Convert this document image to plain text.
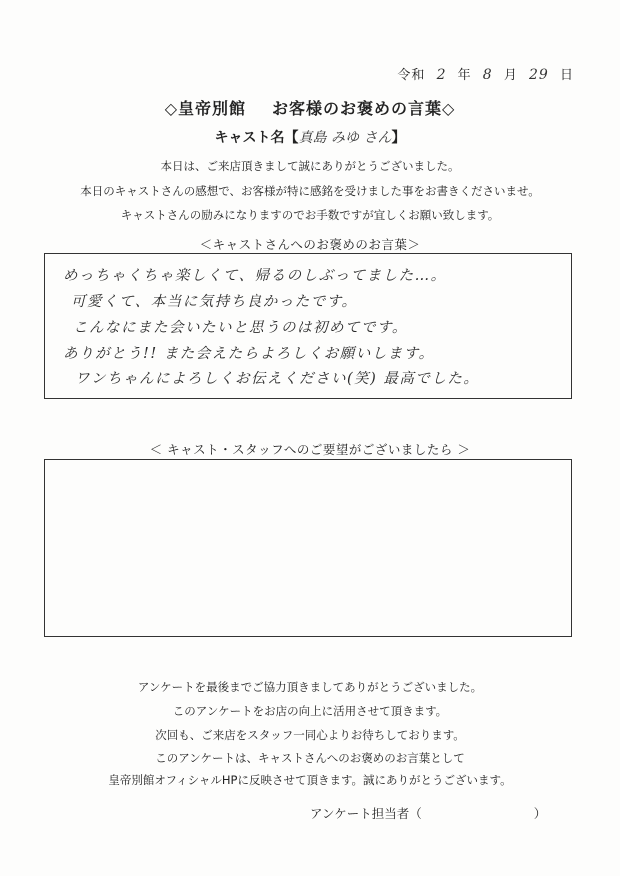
令和 2 年 8 月 29 日
◇皇帝別館 お客様のお褒めの言葉◇
キャスト名【真島 みゆ さん】
本日は、ご来店頂きまして誠にありがとうございました。
本日のキャストさんの感想で、お客様が特に感銘を受けました事をお書きくださいませ。
キャストさんの励みになりますのでお手数ですが宜しくお願い致します。
＜キャストさんへのお褒めのお言葉＞
めっちゃくちゃ楽しくて、帰るのしぶってました…。
可愛くて、本当に気持ち良かったです。
こんなにまた会いたいと思うのは初めてです。
ありがとう!! また会えたらよろしくお願いします。
ワンちゃんによろしくお伝えください(笑) 最高でした。
＜ キャスト・スタッフへのご要望がございましたら ＞
アンケートを最後までご協力頂きましてありがとうございました。
このアンケートをお店の向上に活用させて頂きます。
次回も、ご来店をスタッフ一同心よりお待ちしております。
このアンケートは、キャストさんへのお褒めのお言葉として
皇帝別館オフィシャルHPに反映させて頂きます。誠にありがとうございます。
アンケート担当者（	）
